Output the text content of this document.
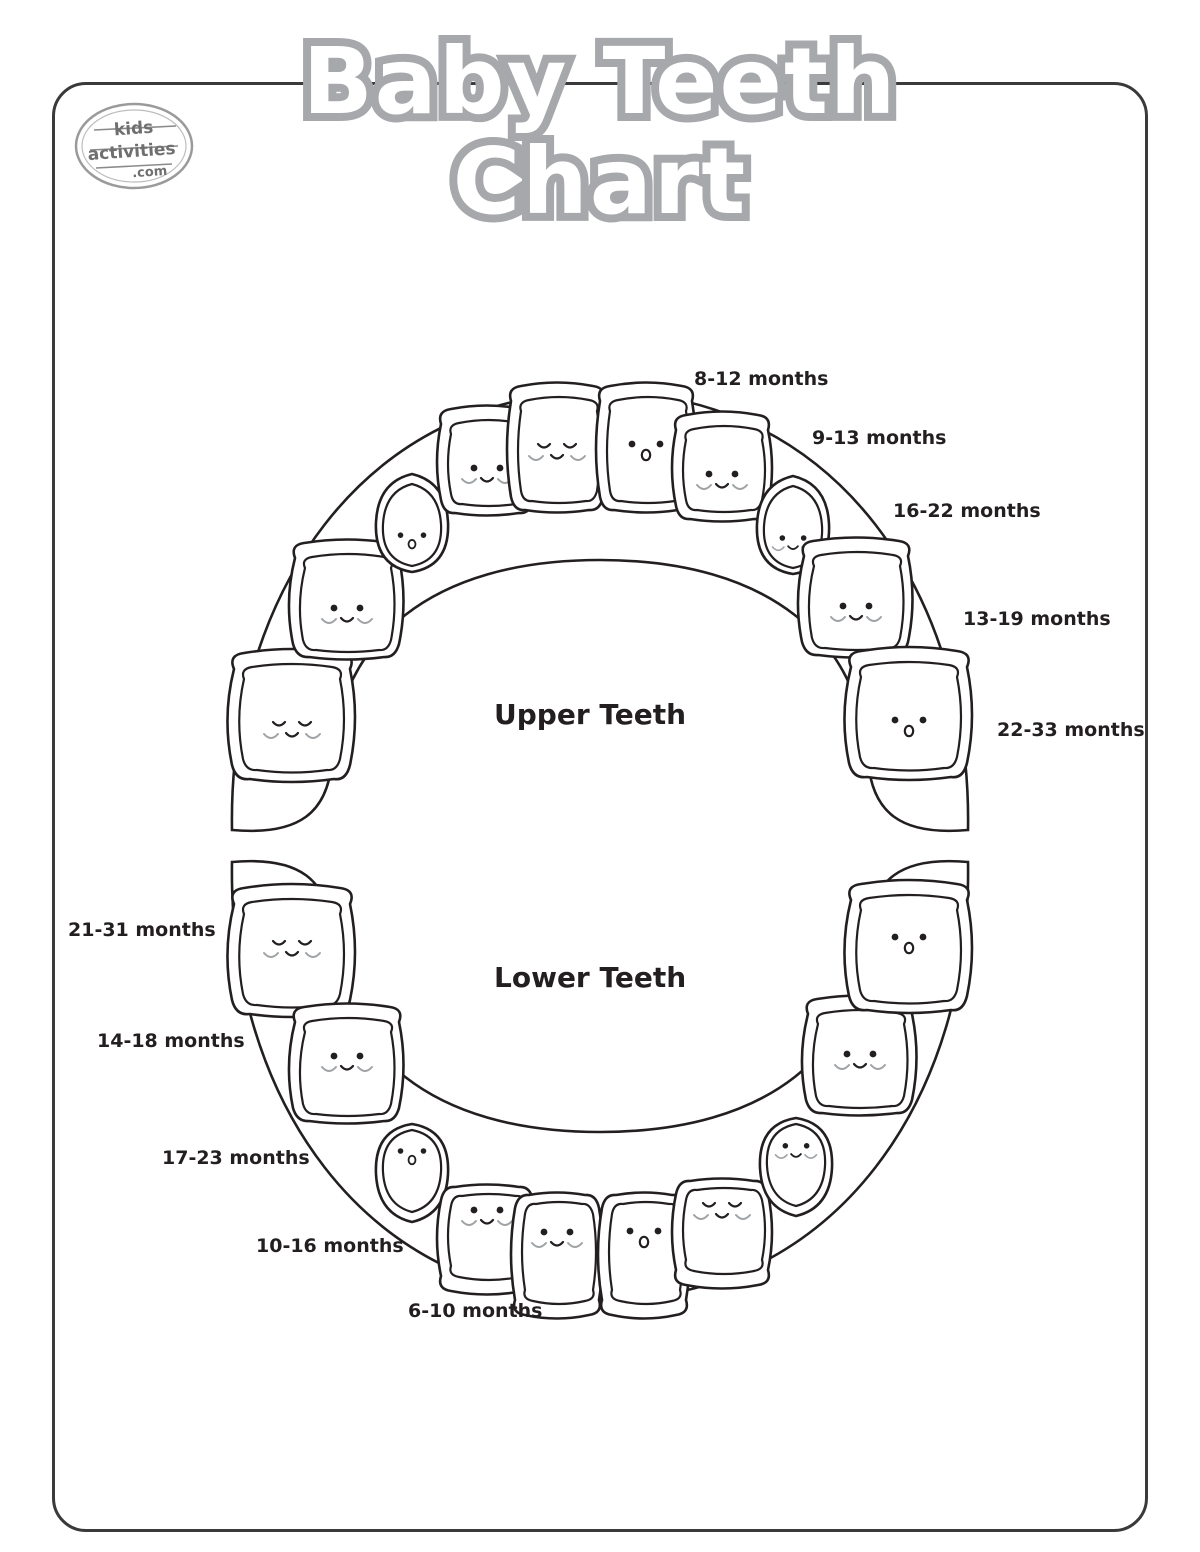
Baby Teeth
Chart
kids
activities
.com
Upper Teeth
Lower Teeth
8-12 months
9-13 months
16-22 months
13-19 months
22-33 months
21-31 months
14-18 months
17-23 months
10-16 months
6-10 months
